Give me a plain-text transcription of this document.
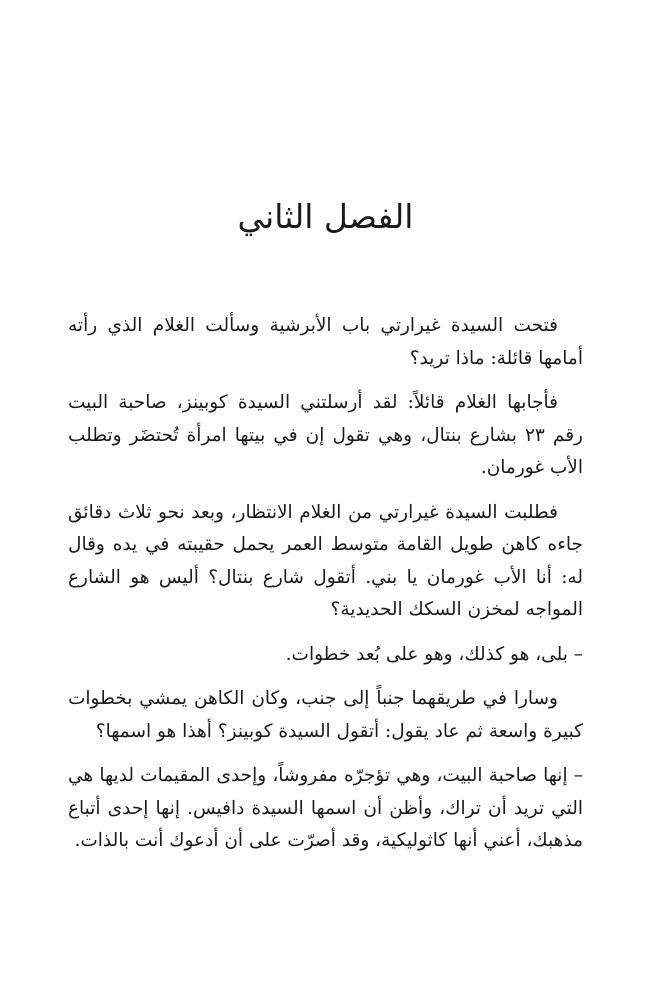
الفصل الثاني

فتحت السيدة غيرارتي باب الأبرشية وسألت الغلام الذي رأته أمامها قائلة: ماذا تريد؟

فأجابها الغلام قائلاً: لقد أرسلتني السيدة كوبينز، صاحبة البيت رقم ٢٣ بشارع بنتال، وهي تقول إن في بيتها امرأة تُحتضَر وتطلب الأب غورمان.

فطلبت السيدة غيرارتي من الغلام الانتظار، وبعد نحو ثلاث دقائق جاءه كاهن طويل القامة متوسط العمر يحمل حقيبته في يده وقال له: أنا الأب غورمان يا بني. أتقول شارع بنتال؟ أليس هو الشارع المواجه لمخزن السكك الحديدية؟

– بلى، هو كذلك، وهو على بُعد خطوات.

وسارا في طريقهما جنباً إلى جنب، وكان الكاهن يمشي بخطوات كبيرة واسعة ثم عاد يقول: أتقول السيدة كوبينز؟ أهذا هو اسمها؟

– إنها صاحبة البيت، وهي تؤجرّه مفروشاً، وإحدى المقيمات لديها هي التي تريد أن تراك، وأظن أن اسمها السيدة دافيس. إنها إحدى أتباع مذهبك، أعني أنها كاثوليكية، وقد أصرّت على أن أدعوك أنت بالذات.
